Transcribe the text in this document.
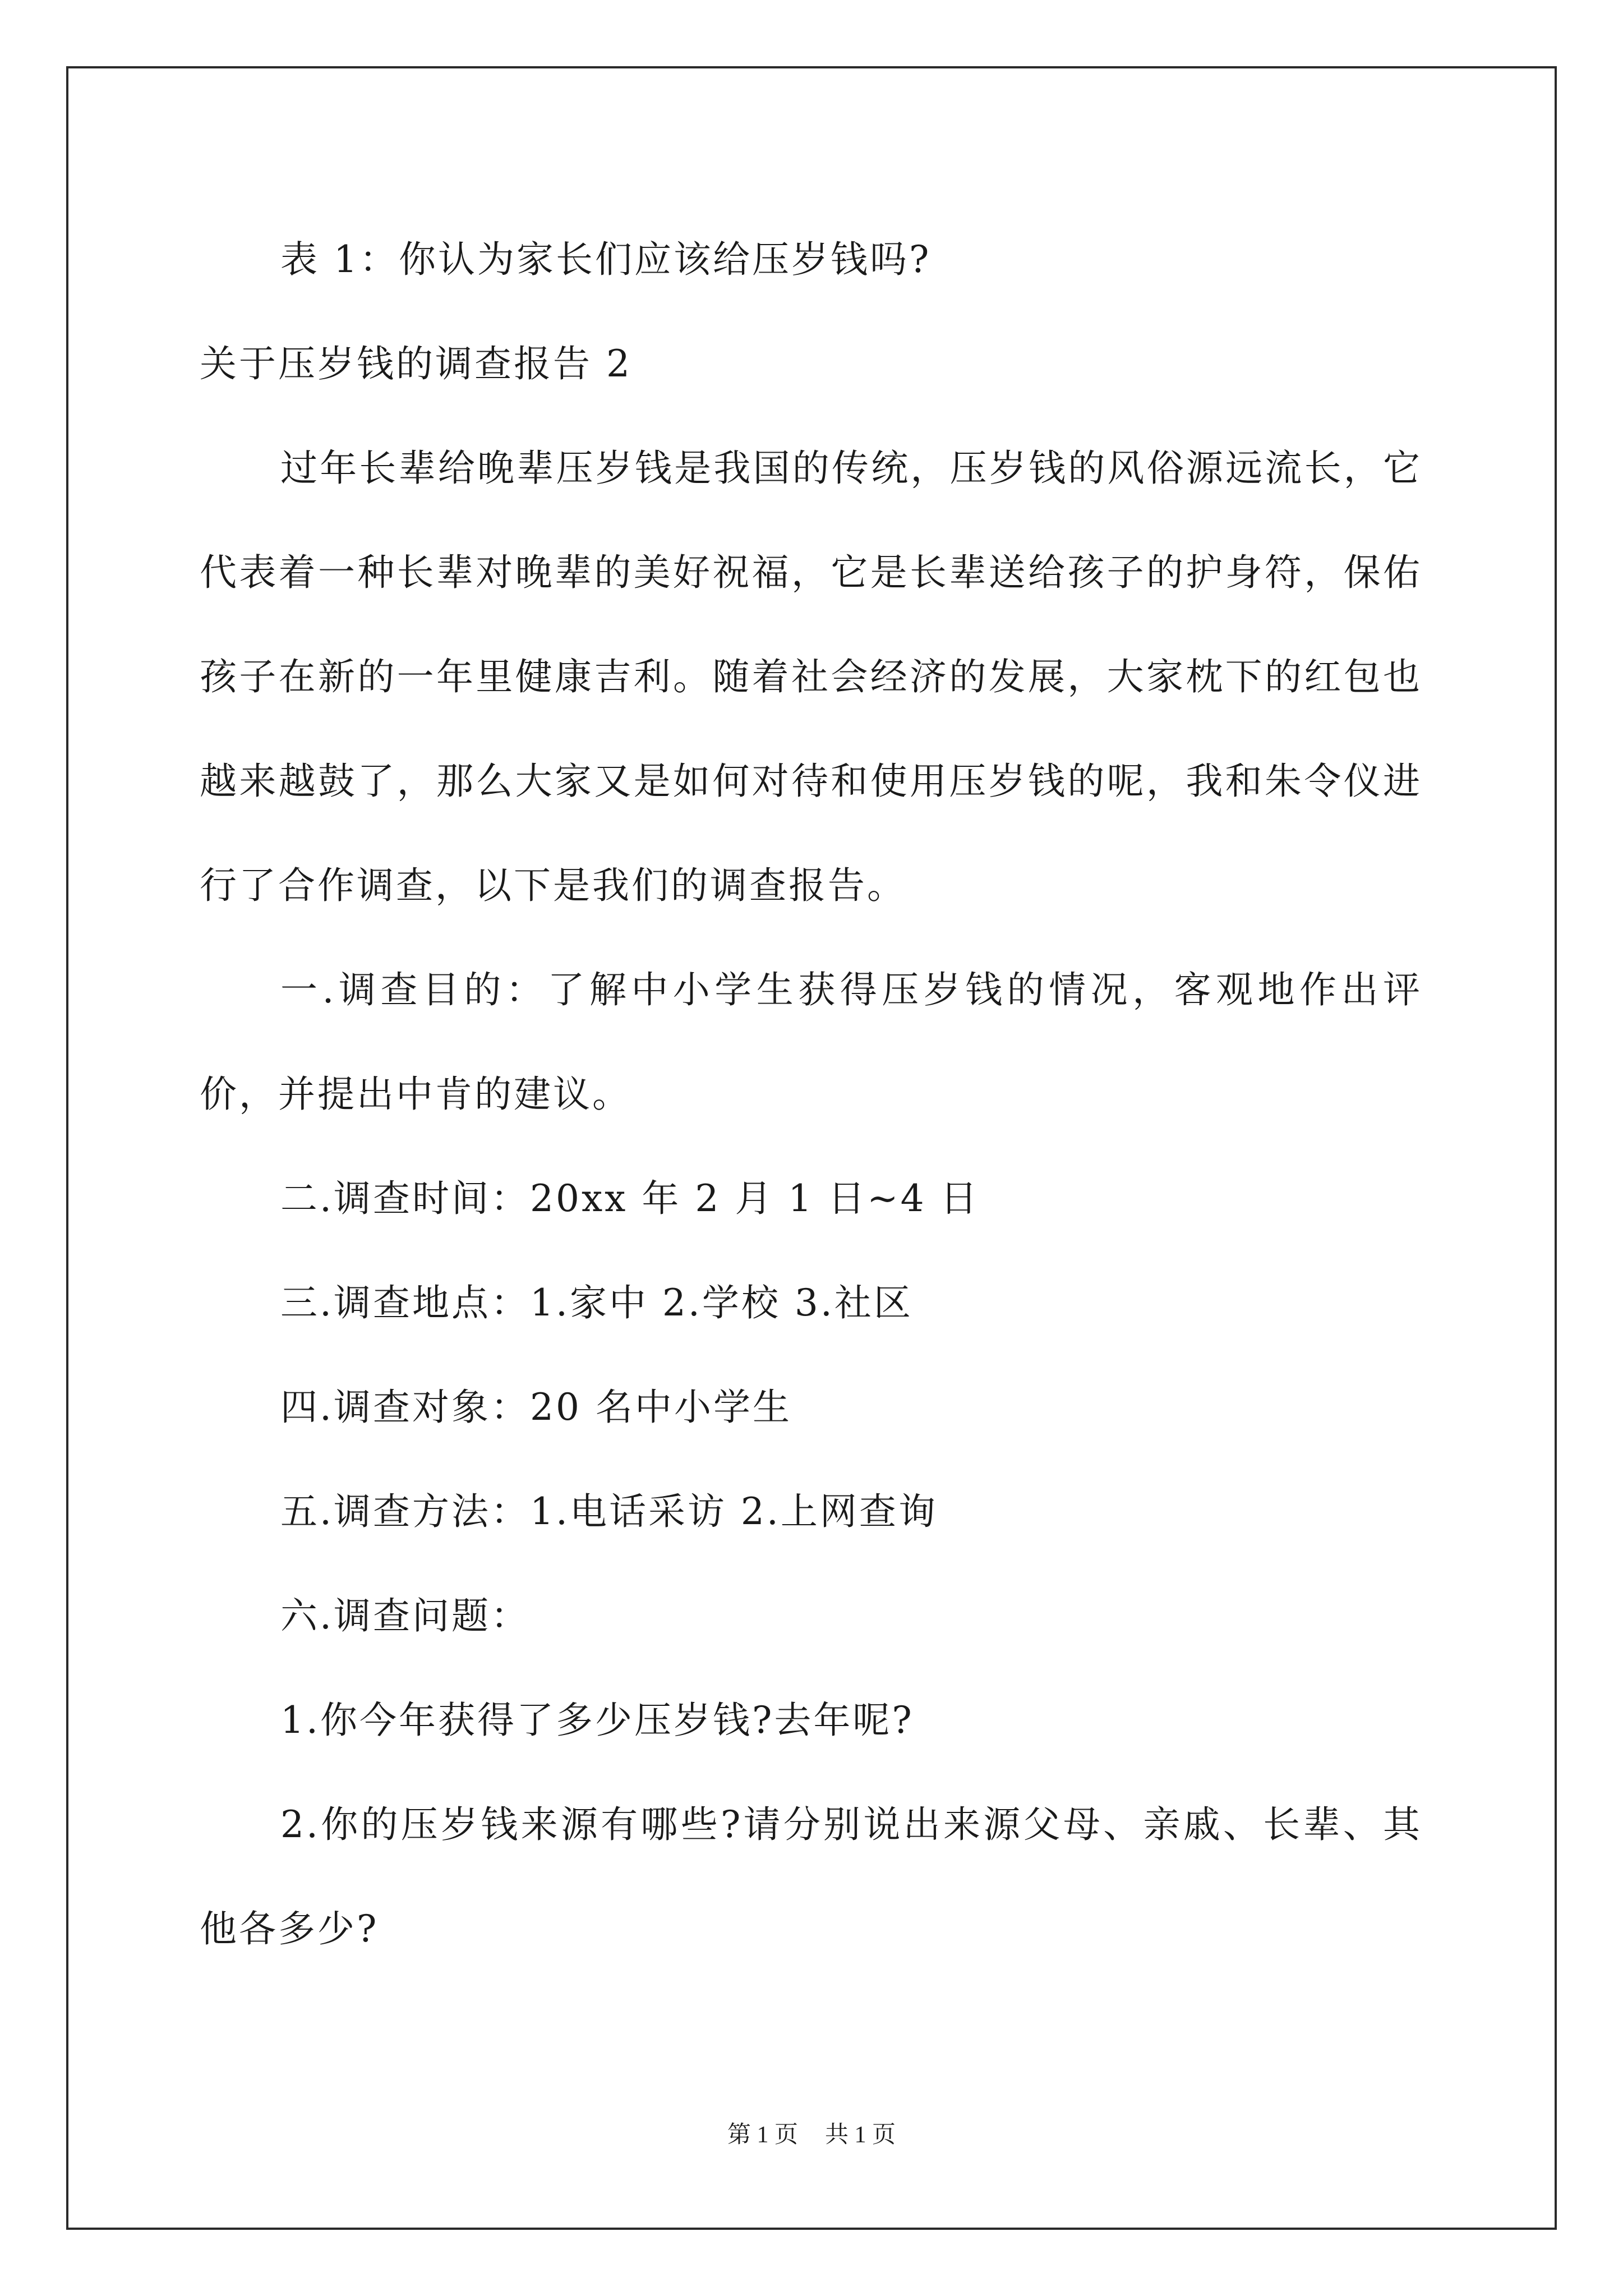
表 1：你认为家长们应该给压岁钱吗?

关于压岁钱的调查报告 2

过年长辈给晚辈压岁钱是我国的传统，压岁钱的风俗源远流长，它代表着一种长辈对晚辈的美好祝福，它是长辈送给孩子的护身符，保佑孩子在新的一年里健康吉利。随着社会经济的发展，大家枕下的红包也越来越鼓了，那么大家又是如何对待和使用压岁钱的呢，我和朱令仪进行了合作调查，以下是我们的调查报告。

一.调查目的：了解中小学生获得压岁钱的情况，客观地作出评价，并提出中肯的建议。

二.调查时间：20xx 年 2 月 1 日~4 日

三.调查地点：1.家中 2.学校 3.社区

四.调查对象：20 名中小学生

五.调查方法：1.电话采访 2.上网查询

六.调查问题：

1.你今年获得了多少压岁钱?去年呢?

2.你的压岁钱来源有哪些?请分别说出来源父母、亲戚、长辈、其他各多少?

第 1 页 共 1 页
